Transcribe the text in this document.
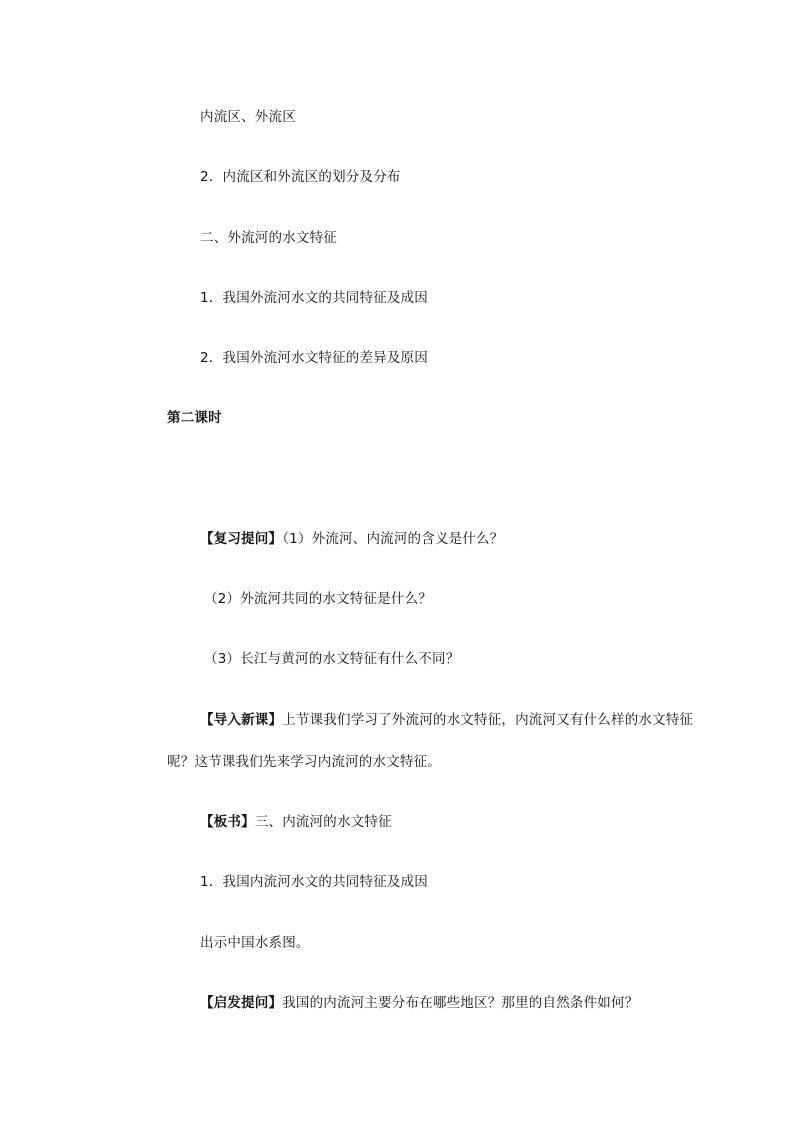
内流区、外流区
2．内流区和外流区的划分及分布
二、外流河的水文特征
1．我国外流河水文的共同特征及成因
2．我国外流河水文特征的差异及原因
第二课时
【复习提问】（1）外流河、内流河的含义是什么？
（2）外流河共同的水文特征是什么？
（3）长江与黄河的水文特征有什么不同？
【导入新课】上节课我们学习了外流河的水文特征，内流河又有什么样的水文特征
呢？这节课我们先来学习内流河的水文特征。
【板书】三、内流河的水文特征
1．我国内流河水文的共同特征及成因
出示中国水系图。
【启发提问】我国的内流河主要分布在哪些地区？那里的自然条件如何？
